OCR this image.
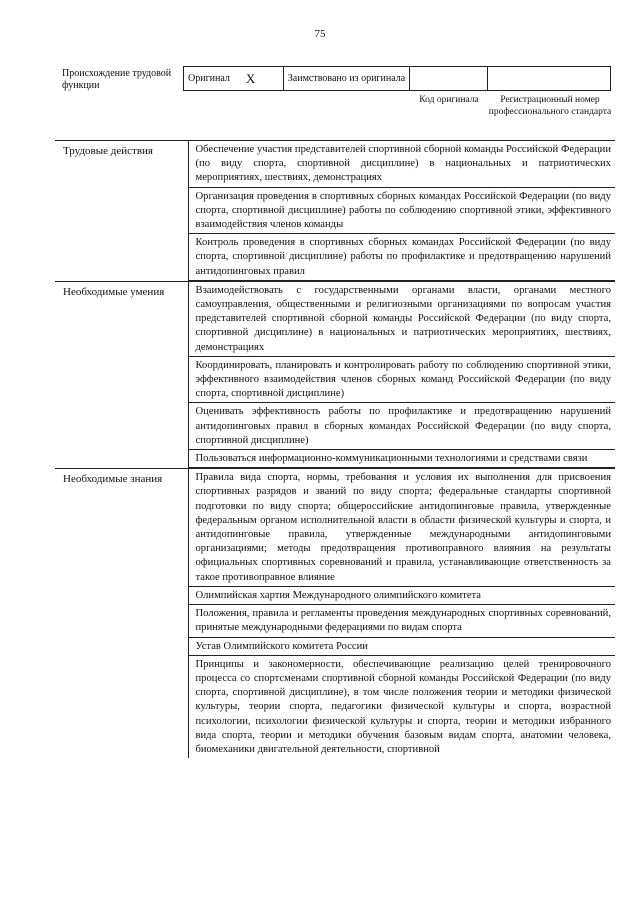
75
Происхождение трудовой функции
Оригинал X	Заимствовано из оригинала
Код оригинала	Регистрационный номер профессионального стандарта
Трудовые действия	Обеспечение участия представителей спортивной сборной команды Российской Федерации (по виду спорта, спортивной дисциплине) в национальных и патриотических мероприятиях, шествиях, демонстрациях
Организация проведения в спортивных сборных командах Российской Федерации (по виду спорта, спортивной дисциплине) работы по соблюдению спортивной этики, эффективного взаимодействия членов команды
Контроль проведения в спортивных сборных командах Российской Федерации (по виду спорта, спортивной дисциплине) работы по профилактике и предотвращению нарушений антидопинговых правил

Необходимые умения	Взаимодействовать с государственными органами власти, органами местного самоуправления, общественными и религиозными организациями по вопросам участия представителей спортивной сборной команды Российской Федерации (по виду спорта, спортивной дисциплине) в национальных и патриотических мероприятиях, шествиях, демонстрациях
Координировать, планировать и контролировать работу по соблюдению спортивной этики, эффективного взаимодействия членов сборных команд Российской Федерации (по виду спорта, спортивной дисциплине)
Оценивать эффективность работы по профилактике и предотвращению нарушений антидопинговых правил в сборных командах Российской Федерации (по виду спорта, спортивной дисциплине)
Пользоваться информационно-коммуникационными технологиями и средствами связи

Необходимые знания	Правила вида спорта, нормы, требования и условия их выполнения для присвоения спортивных разрядов и званий по виду спорта; федеральные стандарты спортивной подготовки по виду спорта; общероссийские антидопинговые правила, утвержденные федеральным органом исполнительной власти в области физической культуры и спорта, и антидопинговые правила, утвержденные международными антидопинговыми организациями; методы предотвращения противоправного влияния на результаты официальных спортивных соревнований и правила, устанавливающие ответственность за такое противоправное влияние
Олимпийская хартия Международного олимпийского комитета
Положения, правила и регламенты проведения международных спортивных соревнований, принятые международными федерациями по видам спорта
Устав Олимпийского комитета России
Принципы и закономерности, обеспечивающие реализацию целей тренировочного процесса со спортсменами спортивной сборной команды Российской Федерации (по виду спорта, спортивной дисциплине), в том числе положения теории и методики физической культуры, теории спорта, педагогики физической культуры и спорта, возрастной психологии, психологии физической культуры и спорта, теории и методики избранного вида спорта, теории и методики обучения базовым видам спорта, анатомии человека, биомеханики двигательной деятельности, спортивной
